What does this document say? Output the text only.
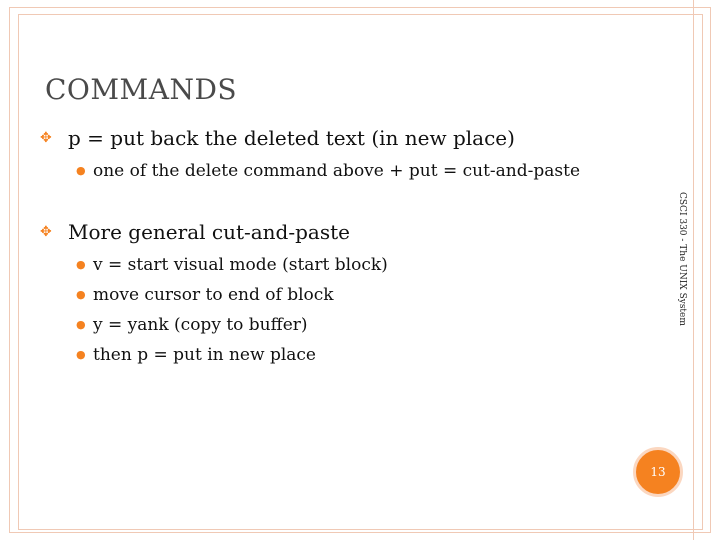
COMMANDS
✥ p = put back the deleted text (in new place)
● one of the delete command above + put = cut-and-paste
✥ More general cut-and-paste
● v = start visual mode (start block)
● move cursor to end of block
● y = yank (copy to buffer)
● then p = put in new place
CSCI 330 - The UNIX System
13
